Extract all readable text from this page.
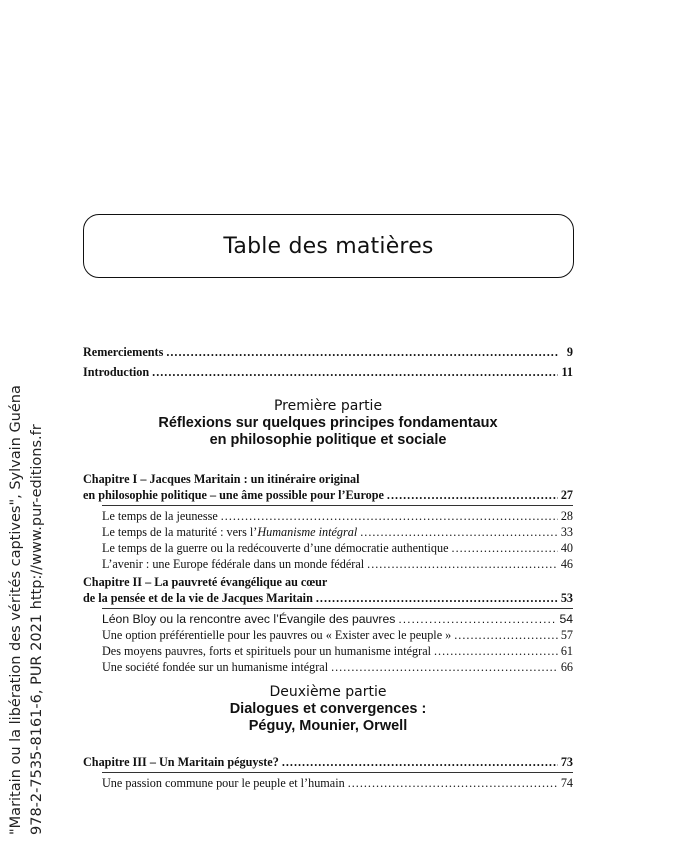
"Maritain ou la libération des vérités captives", Sylvain Guéna 978-2-7535-8161-6, PUR 2021 http://www.pur-editions.fr
Table des matières
Remerciements .....	9
Introduction .....	11
Première partie
Réflexions sur quelques principes fondamentaux
en philosophie politique et sociale
Chapitre I – Jacques Maritain : un itinéraire original
en philosophie politique – une âme possible pour l’Europe .....	27
Le temps de la jeunesse .....	28
Le temps de la maturité : vers l’Humanisme intégral .....	33
Le temps de la guerre ou la redécouverte d’une démocratie authentique .....	40
L’avenir : une Europe fédérale dans un monde fédéral .....	46
Chapitre II – La pauvreté évangélique au cœur
de la pensée et de la vie de Jacques Maritain .....	53
Léon Bloy ou la rencontre avec l’Évangile des pauvres .....	54
Une option préférentielle pour les pauvres ou « Exister avec le peuple » .....	57
Des moyens pauvres, forts et spirituels pour un humanisme intégral .....	61
Une société fondée sur un humanisme intégral .....	66
Deuxième partie
Dialogues et convergences :
Péguy, Mounier, Orwell
Chapitre III – Un Maritain péguyste? .....	73
Une passion commune pour le peuple et l’humain .....	74
